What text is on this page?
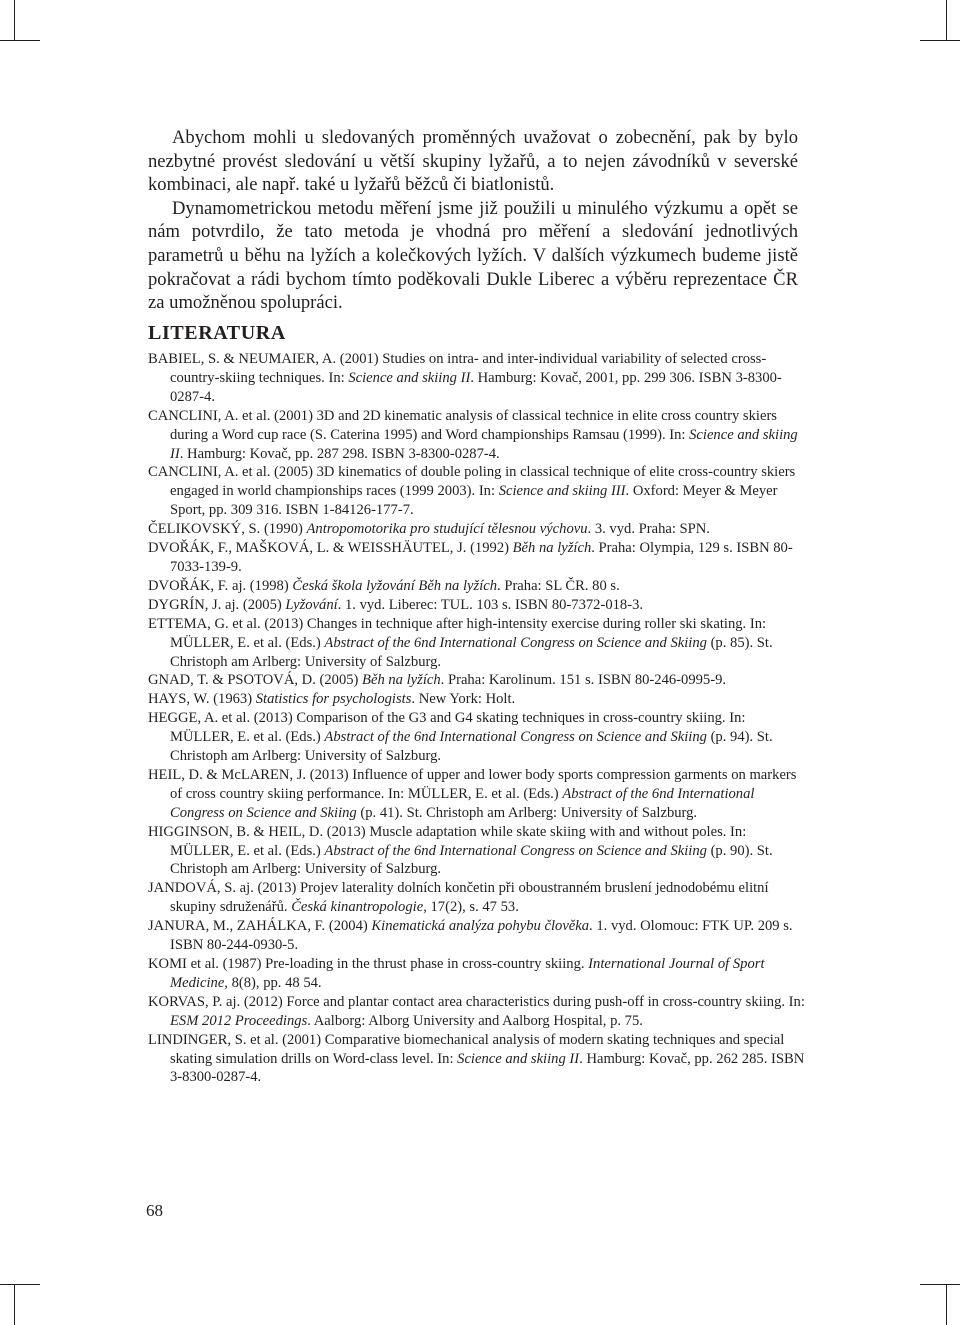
Abychom mohli u sledovaných proměnných uvažovat o zobecnění, pak by bylo nezbytné provést sledování u větší skupiny lyžařů, a to nejen závodníků v severské kombinaci, ale např. také u lyžařů běžců či biatlonistů.

Dynamometrickou metodu měření jsme již použili u minulého výzkumu a opět se nám potvrdilo, že tato metoda je vhodná pro měření a sledování jednotlivých parametrů u běhu na lyžích a kolečkových lyžích. V dalších výzkumech budeme jistě pokračovat a rádi bychom tímto poděkovali Dukle Liberec a výběru reprezentace ČR za umožněnou spolupráci.

LITERATURA

BABIEL, S. & NEUMAIER, A. (2001) Studies on intra- and inter-individual variability of selected cross-country-skiing techniques. In: Science and skiing II. Hamburg: Kovač, 2001, pp. 299 306. ISBN 3-8300-0287-4.

CANCLINI, A. et al. (2001) 3D and 2D kinematic analysis of classical technice in elite cross country skiers during a Word cup race (S. Caterina 1995) and Word championships Ramsau (1999). In: Science and skiing II. Hamburg: Kovač, pp. 287 298. ISBN 3-8300-0287-4.

CANCLINI, A. et al. (2005) 3D kinematics of double poling in classical technique of elite cross-country skiers engaged in world championships races (1999 2003). In: Science and skiing III. Oxford: Meyer & Meyer Sport, pp. 309 316. ISBN 1-84126-177-7.

ČELIKOVSKÝ, S. (1990) Antropomotorika pro studující tělesnou výchovu. 3. vyd. Praha: SPN.

DVOŘÁK, F., MAŠKOVÁ, L. & WEISSHÄUTEL, J. (1992) Běh na lyžích. Praha: Olympia, 129 s. ISBN 80-7033-139-9.

DVOŘÁK, F. aj. (1998) Česká škola lyžování Běh na lyžích. Praha: SL ČR. 80 s.

DYGRÍN, J. aj. (2005) Lyžování. 1. vyd. Liberec: TUL. 103 s. ISBN 80-7372-018-3.

ETTEMA, G. et al. (2013) Changes in technique after high-intensity exercise during roller ski skating. In: MÜLLER, E. et al. (Eds.) Abstract of the 6nd International Congress on Science and Skiing (p. 85). St. Christoph am Arlberg: University of Salzburg.

GNAD, T. & PSOTOVÁ, D. (2005) Běh na lyžích. Praha: Karolinum. 151 s. ISBN 80-246-0995-9.

HAYS, W. (1963) Statistics for psychologists. New York: Holt.

HEGGE, A. et al. (2013) Comparison of the G3 and G4 skating techniques in cross-country skiing. In: MÜLLER, E. et al. (Eds.) Abstract of the 6nd International Congress on Science and Skiing (p. 94). St. Christoph am Arlberg: University of Salzburg.

HEIL, D. & McLAREN, J. (2013) Influence of upper and lower body sports compression garments on markers of cross country skiing performance. In: MÜLLER, E. et al. (Eds.) Abstract of the 6nd International Congress on Science and Skiing (p. 41). St. Christoph am Arlberg: University of Salzburg.

HIGGINSON, B. & HEIL, D. (2013) Muscle adaptation while skate skiing with and without poles. In: MÜLLER, E. et al. (Eds.) Abstract of the 6nd International Congress on Science and Skiing (p. 90). St. Christoph am Arlberg: University of Salzburg.

JANDOVÁ, S. aj. (2013) Projev laterality dolních končetin při oboustranném bruslení jednodobému elitní skupiny sdruženářů. Česká kinantropologie, 17(2), s. 47 53.

JANURA, M., ZAHÁLKA, F. (2004) Kinematická analýza pohybu člověka. 1. vyd. Olomouc: FTK UP. 209 s. ISBN 80-244-0930-5.

KOMI et al. (1987) Pre-loading in the thrust phase in cross-country skiing. International Journal of Sport Medicine, 8(8), pp. 48 54.

KORVAS, P. aj. (2012) Force and plantar contact area characteristics during push-off in cross-country skiing. In: ESM 2012 Proceedings. Aalborg: Alborg University and Aalborg Hospital, p. 75.

LINDINGER, S. et al. (2001) Comparative biomechanical analysis of modern skating techniques and special skating simulation drills on Word-class level. In: Science and skiing II. Hamburg: Kovač, pp. 262 285. ISBN 3-8300-0287-4.

68
